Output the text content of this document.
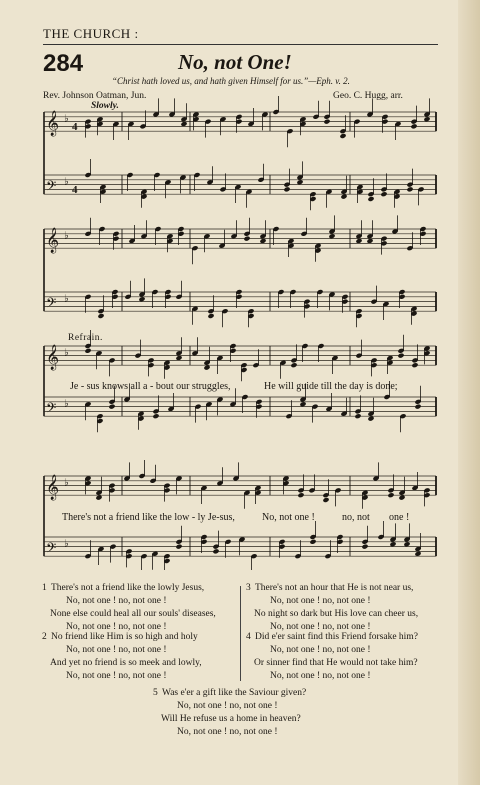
THE CHURCH :
284	No, not One!
“Christ hath loved us, and hath given Himself for us.”—Eph. v. 2.
Rev. Johnson Oatman, Jun.	Geo. C. Hugg, arr.
Slowly.
Refrain.
𝄞 ♭
4
𝄢 ♭
4
𝄞 ♭
𝄢 ♭
𝄞 ♭
𝄢 ♭
𝄞 ♭
𝄢 ♭
Je - sus knows all a - bout our struggles,	He will guide till the day is done;
There's not a friend like the low - ly Je-sus,	No, not one !	no, not one !
1 There's not a friend like the lowly Jesus,
No, not one ! no, not one !
None else could heal all our souls' diseases,
No, not one ! no, not one !
2 No friend like Him is so high and holy
No, not one ! no, not one !
And yet no friend is so meek and lowly,
No, not one ! no, not one !
3 There's not an hour that He is not near us,
No, not one ! no, not one !
No night so dark but His love can cheer us,
No, not one ! no, not one !
4 Did e'er saint find this Friend forsake him?
No, not one ! no, not one !
Or sinner find that He would not take him?
No, not one ! no, not one !
5 Was e'er a gift like the Saviour given?
No, not one ! no, not one !
Will He refuse us a home in heaven?
No, not one ! no, not one !
